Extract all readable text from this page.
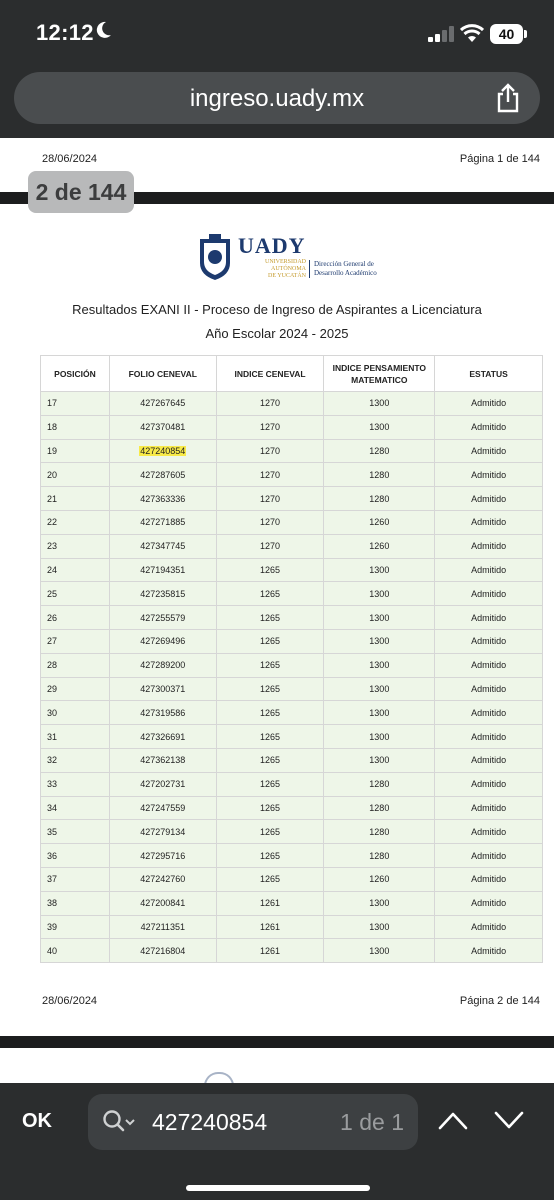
12:12	40
ingreso.uady.mx
28/06/2024	Página 1 de 144
2 de 144
UADY
UNIVERSIDAD
AUTÓNOMA
DE YUCATÁN
Dirección General de
Desarrollo Académico
Resultados EXANI II - Proceso de Ingreso de Aspirantes a Licenciatura
Año Escolar 2024 - 2025
POSICIÓN	FOLIO CENEVAL	INDICE CENEVAL	INDICE PENSAMIENTO MATEMATICO	ESTATUS
17	427267645	1270	1300	Admitido
18	427370481	1270	1300	Admitido
19	427240854	1270	1280	Admitido
20	427287605	1270	1280	Admitido
21	427363336	1270	1280	Admitido
22	427271885	1270	1260	Admitido
23	427347745	1270	1260	Admitido
24	427194351	1265	1300	Admitido
25	427235815	1265	1300	Admitido
26	427255579	1265	1300	Admitido
27	427269496	1265	1300	Admitido
28	427289200	1265	1300	Admitido
29	427300371	1265	1300	Admitido
30	427319586	1265	1300	Admitido
31	427326691	1265	1300	Admitido
32	427362138	1265	1300	Admitido
33	427202731	1265	1280	Admitido
34	427247559	1265	1280	Admitido
35	427279134	1265	1280	Admitido
36	427295716	1265	1280	Admitido
37	427242760	1265	1260	Admitido
38	427200841	1261	1300	Admitido
39	427211351	1261	1300	Admitido
40	427216804	1261	1300	Admitido
28/06/2024	Página 2 de 144
OK	427240854	1 de 1
